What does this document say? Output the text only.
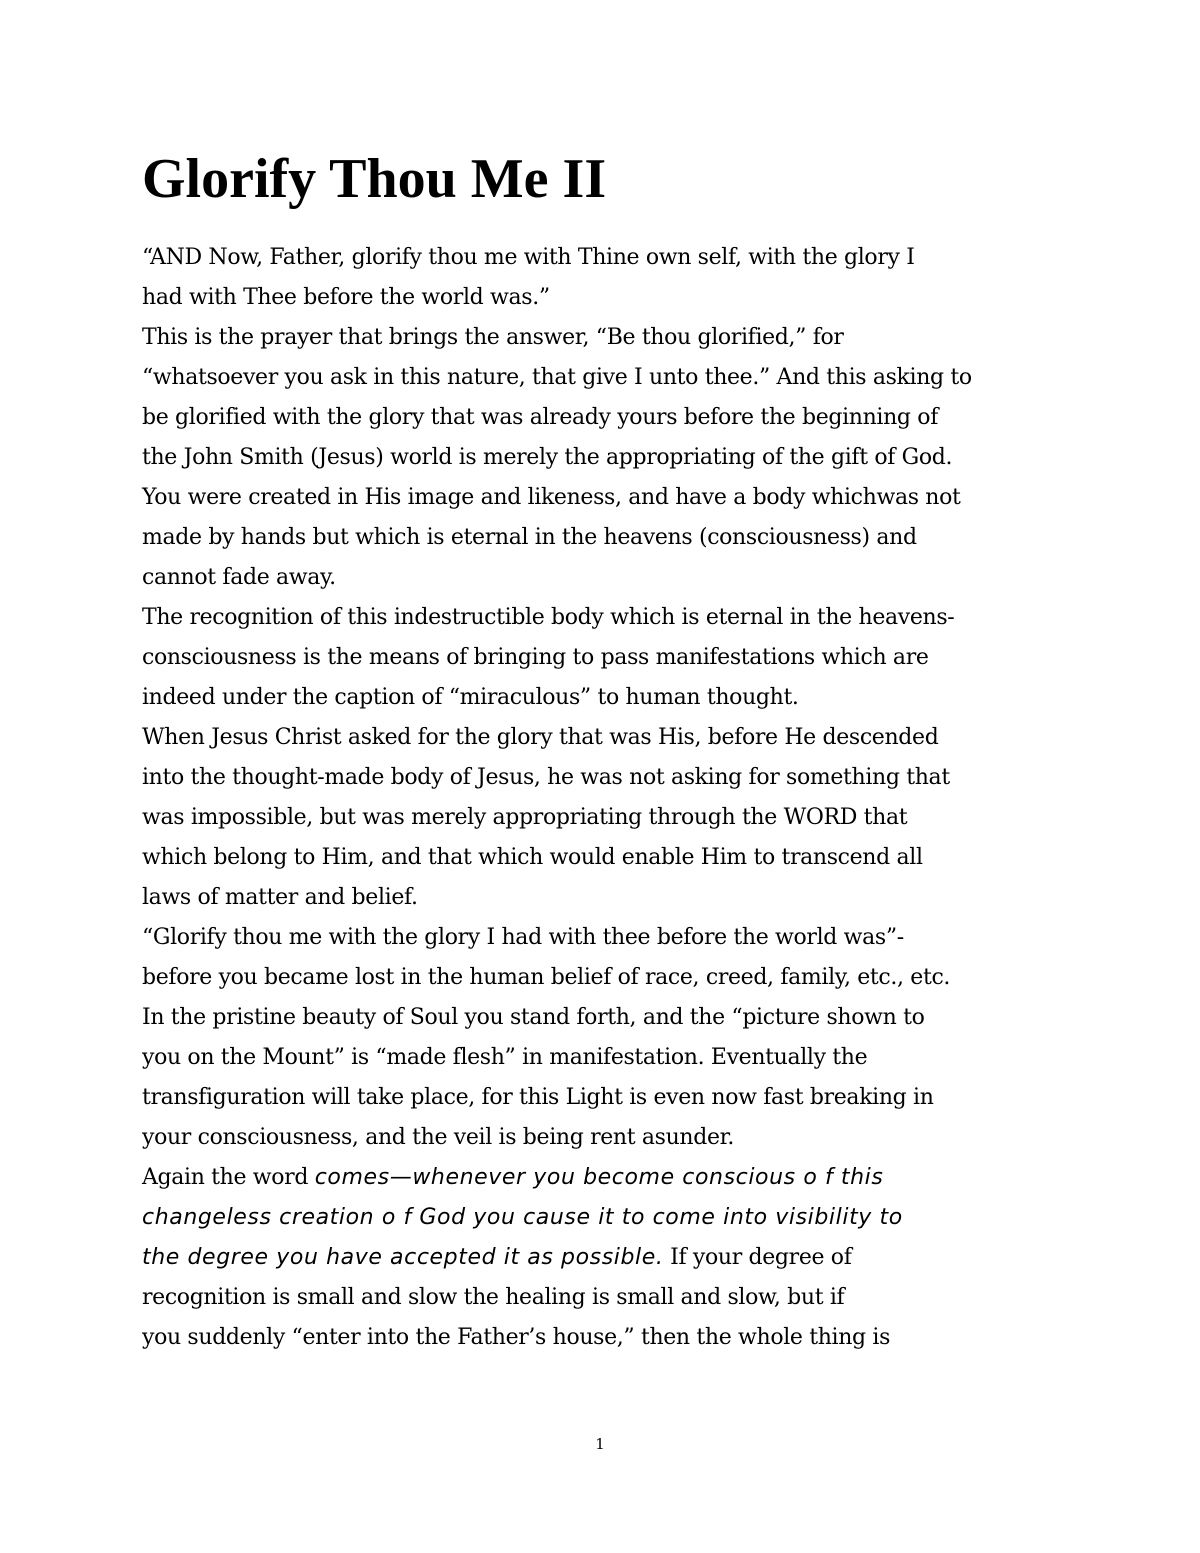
Glorify Thou Me II
“AND Now, Father, glorify thou me with Thine own self, with the glory I
had with Thee before the world was.”
This is the prayer that brings the answer, “Be thou glorified,” for
“whatsoever you ask in this nature, that give I unto thee.” And this asking to
be glorified with the glory that was already yours before the beginning of
the John Smith (Jesus) world is merely the appropriating of the gift of God.
You were created in His image and likeness, and have a body whichwas not
made by hands but which is eternal in the heavens (consciousness) and
cannot fade away.
The recognition of this indestructible body which is eternal in the heavens-
consciousness is the means of bringing to pass manifestations which are
indeed under the caption of “miraculous” to human thought.
When Jesus Christ asked for the glory that was His, before He descended
into the thought-made body of Jesus, he was not asking for something that
was impossible, but was merely appropriating through the WORD that
which belong to Him, and that which would enable Him to transcend all
laws of matter and belief.
“Glorify thou me with the glory I had with thee before the world was”-
before you became lost in the human belief of race, creed, family, etc., etc.
In the pristine beauty of Soul you stand forth, and the “picture shown to
you on the Mount” is “made flesh” in manifestation. Eventually the
transfiguration will take place, for this Light is even now fast breaking in
your consciousness, and the veil is being rent asunder.
Again the word comes—whenever you become conscious o f this
changeless creation o f God you cause it to come into visibility to
the degree you have accepted it as possible. If your degree of
recognition is small and slow the healing is small and slow, but if
you suddenly “enter into the Father’s house,” then the whole thing is
1
